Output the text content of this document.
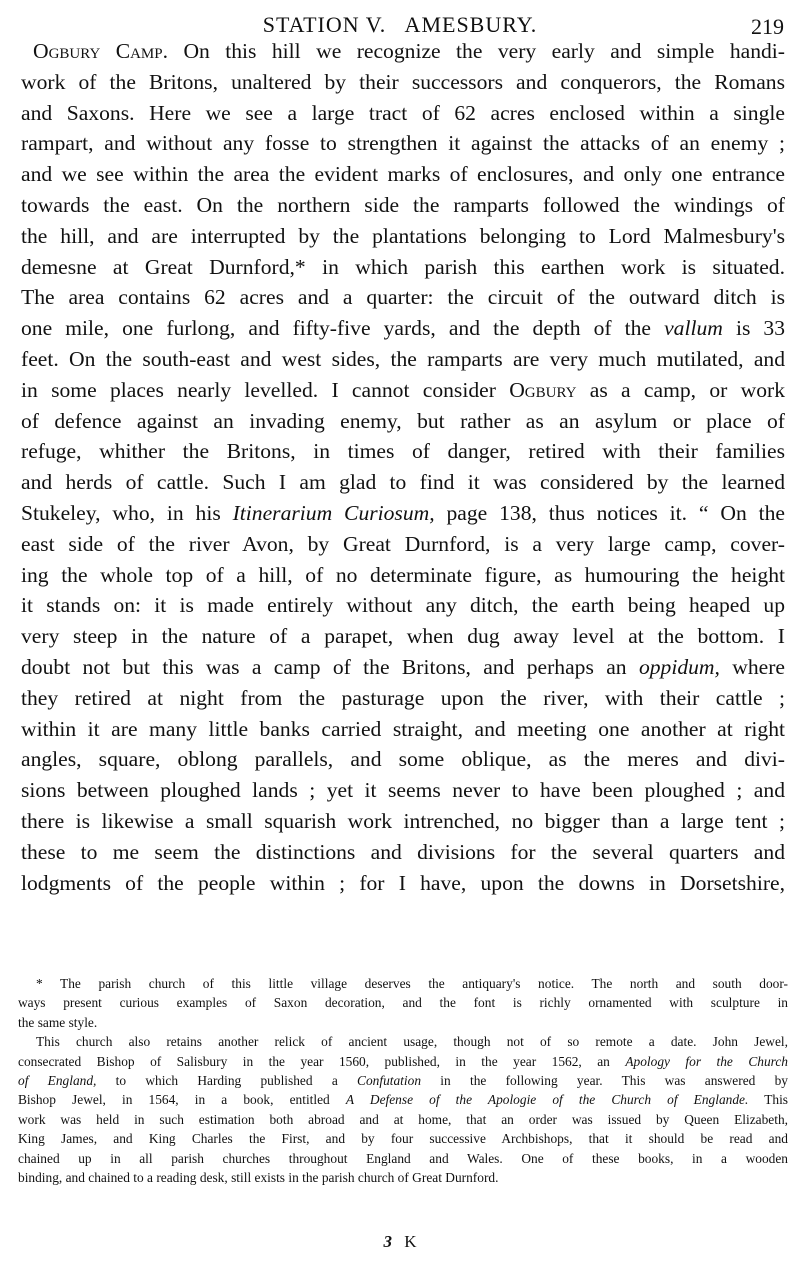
STATION V.   AMESBURY.	219
Ogbury Camp. On this hill we recognize the very early and simple handi-
work of the Britons, unaltered by their successors and conquerors, the Romans
and Saxons. Here we see a large tract of 62 acres enclosed within a single
rampart, and without any fosse to strengthen it against the attacks of an enemy ;
and we see within the area the evident marks of enclosures, and only one entrance
towards the east. On the northern side the ramparts followed the windings of
the hill, and are interrupted by the plantations belonging to Lord Malmesbury's
demesne at Great Durnford,* in which parish this earthen work is situated.
The area contains 62 acres and a quarter: the circuit of the outward ditch is
one mile, one furlong, and fifty-five yards, and the depth of the vallum is 33
feet. On the south-east and west sides, the ramparts are very much mutilated, and
in some places nearly levelled. I cannot consider Ogbury as a camp, or work
of defence against an invading enemy, but rather as an asylum or place of
refuge, whither the Britons, in times of danger, retired with their families
and herds of cattle. Such I am glad to find it was considered by the learned
Stukeley, who, in his Itinerarium Curiosum, page 138, thus notices it. “ On the
east side of the river Avon, by Great Durnford, is a very large camp, cover-
ing the whole top of a hill, of no determinate figure, as humouring the height
it stands on: it is made entirely without any ditch, the earth being heaped up
very steep in the nature of a parapet, when dug away level at the bottom. I
doubt not but this was a camp of the Britons, and perhaps an oppidum, where
they retired at night from the pasturage upon the river, with their cattle ;
within it are many little banks carried straight, and meeting one another at right
angles, square, oblong parallels, and some oblique, as the meres and divi-
sions between ploughed lands ; yet it seems never to have been ploughed ; and
there is likewise a small squarish work intrenched, no bigger than a large tent ;
these to me seem the distinctions and divisions for the several quarters and
lodgments of the people within ; for I have, upon the downs in Dorsetshire,
* The parish church of this little village deserves the antiquary's notice. The north and south door-
ways present curious examples of Saxon decoration, and the font is richly ornamented with sculpture in
the same style.
This church also retains another relick of ancient usage, though not of so remote a date. John Jewel,
consecrated Bishop of Salisbury in the year 1560, published, in the year 1562, an Apology for the Church
of England, to which Harding published a Confutation in the following year. This was answered by
Bishop Jewel, in 1564, in a book, entitled A Defense of the Apologie of the Church of Englande. This
work was held in such estimation both abroad and at home, that an order was issued by Queen Elizabeth,
King James, and King Charles the First, and by four successive Archbishops, that it should be read and
chained up in all parish churches throughout England and Wales. One of these books, in a wooden
binding, and chained to a reading desk, still exists in the parish church of Great Durnford.
3 K
